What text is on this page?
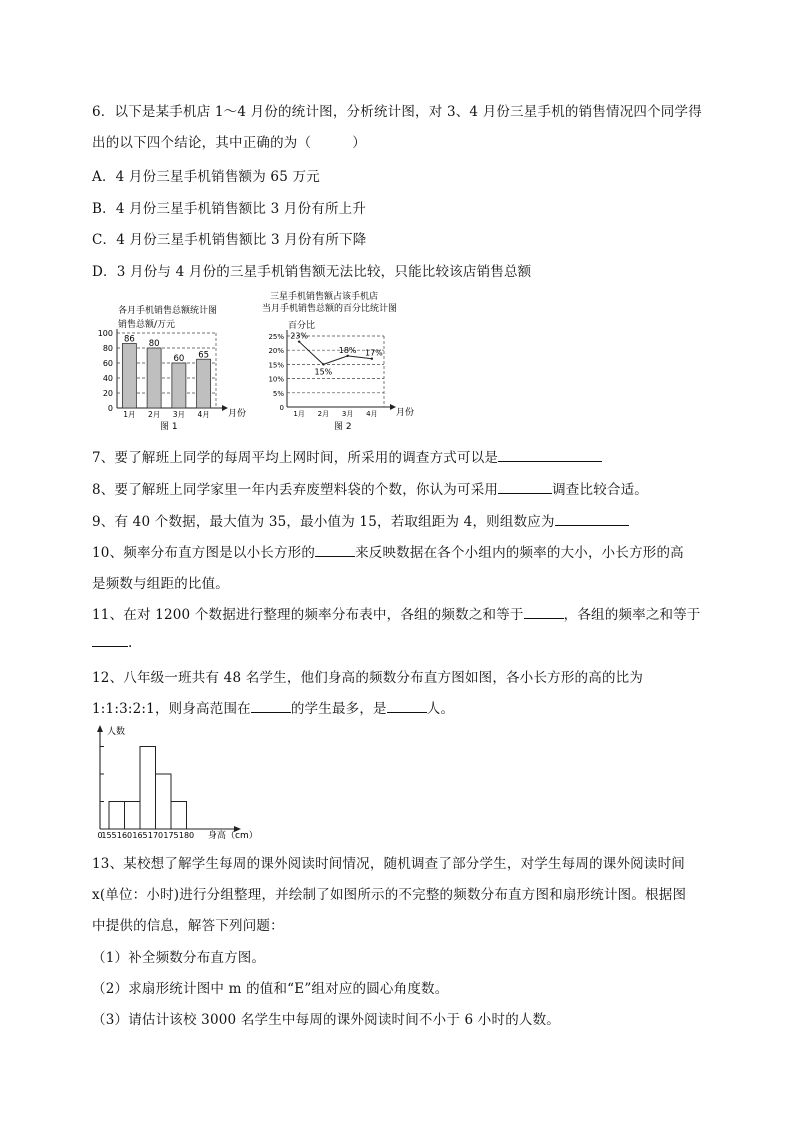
6．以下是某手机店 1～4 月份的统计图，分析统计图，对 3、4 月份三星手机的销售情况四个同学得
出的以下四个结论，其中正确的为（　　　）
A．4 月份三星手机销售额为 65 万元
B．4 月份三星手机销售额比 3 月份有所上升
C．4 月份三星手机销售额比 3 月份有所下降
D．3 月份与 4 月份的三星手机销售额无法比较，只能比较该店销售总额
各月手机销售总额统计图
销售总额/万元
86 80
60 65
0
20
40
60
80
100
1月 2月 3月 4月 月份
图 1
三星手机销售额占该手机店
当月手机销售总额的百分比统计图
百分比
0
5%
10%
15%
20%
25%
1月 2月 3月 4月
23%
15%
18% 17%
月份
图 2
7、要了解班上同学的每周平均上网时间，所采用的调查方式可以是
8、要了解班上同学家里一年内丢弃废塑料袋的个数，你认为可采用	调查比较合适。
9、有 40 个数据，最大值为 35，最小值为 15，若取组距为 4，则组数应为
10、频率分布直方图是以小长方形的	来反映数据在各个小组内的频率的大小，小长方形的高
是频数与组距的比值。
11、在对 1200 个数据进行整理的频率分布表中，各组的频数之和等于	，各组的频率之和等于
.
12、八年级一班共有 48 名学生，他们身高的频数分布直方图如图，各小长方形的高的比为
1:1:3:2:1，则身高范围在	的学生最多，是	人。
人数
0
155 160 165 170 175 180 身高（cm）
13、某校想了解学生每周的课外阅读时间情况，随机调查了部分学生，对学生每周的课外阅读时间
x(单位：小时)进行分组整理，并绘制了如图所示的不完整的频数分布直方图和扇形统计图。根据图
中提供的信息，解答下列问题：
（1）补全频数分布直方图。
（2）求扇形统计图中 m 的值和“E”组对应的圆心角度数。
（3）请估计该校 3000 名学生中每周的课外阅读时间不小于 6 小时的人数。
